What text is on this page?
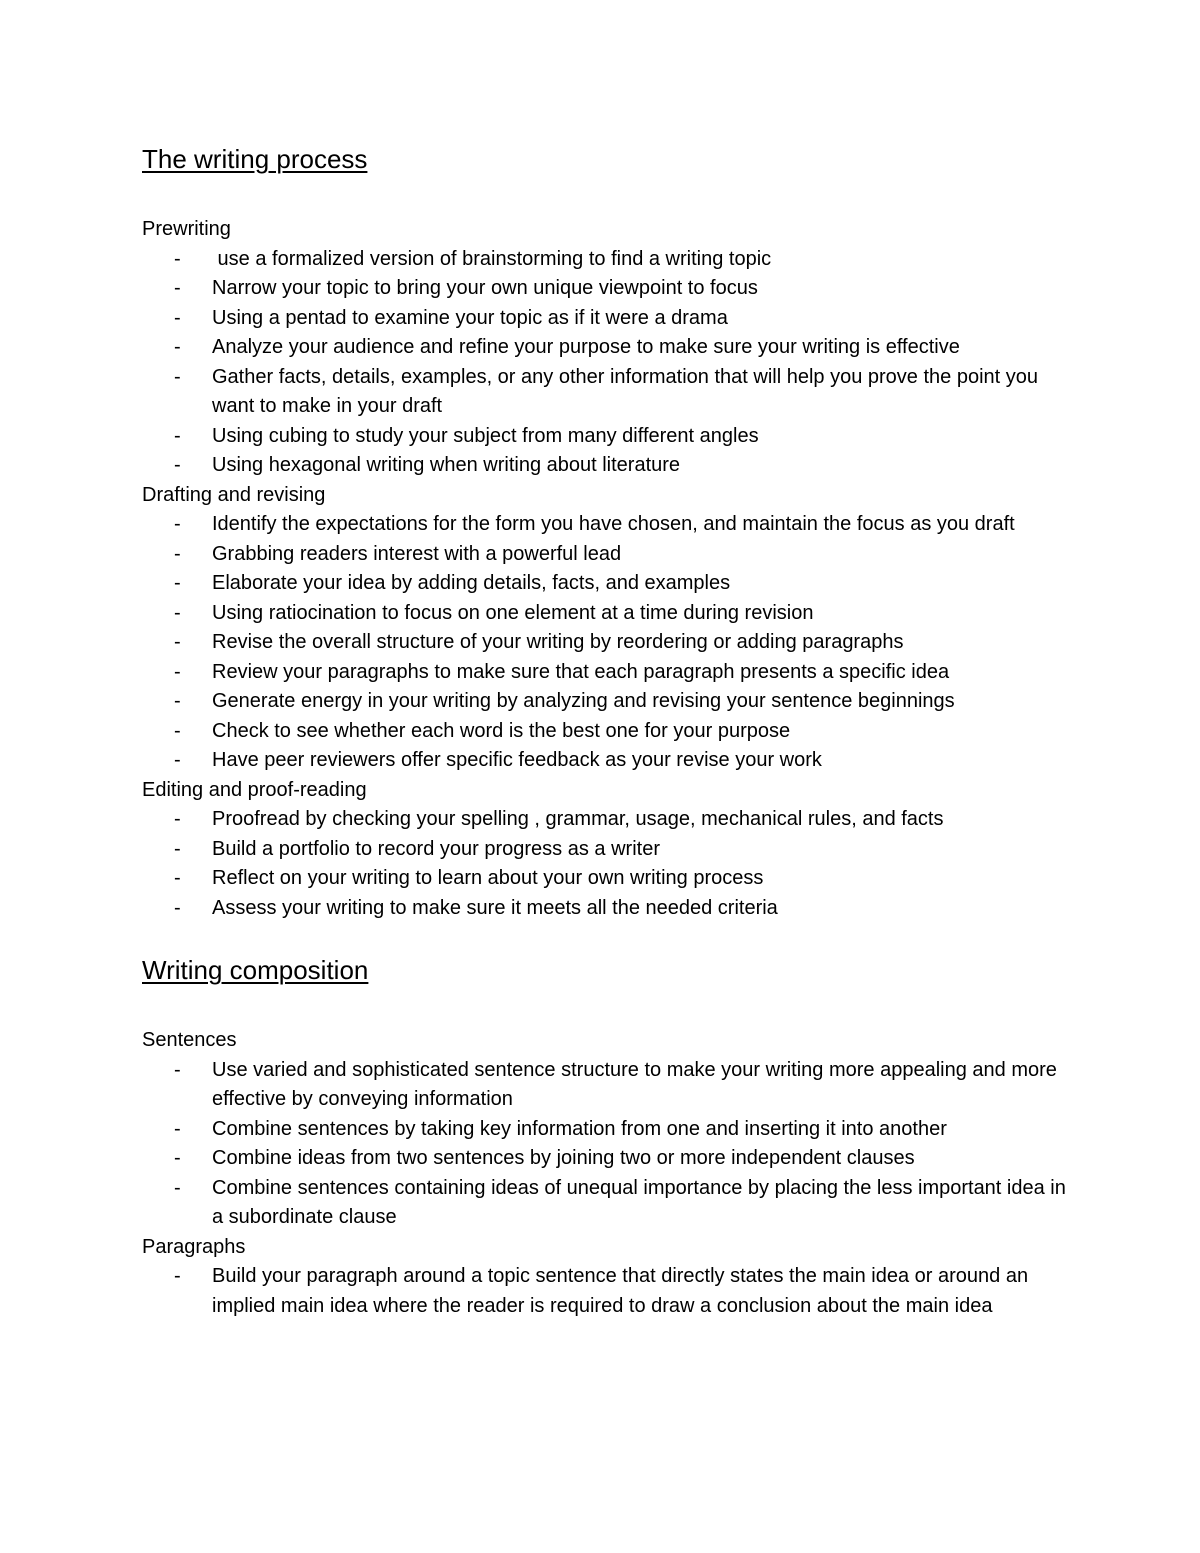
The writing process

Prewriting

- use a formalized version of brainstorming to find a writing topic
- Narrow your topic to bring your own unique viewpoint to focus
- Using a pentad to examine your topic as if it were a drama
- Analyze your audience and refine your purpose to make sure your writing is effective
- Gather facts, details, examples, or any other information that will help you prove the point you want to make in your draft
- Using cubing to study your subject from many different angles
- Using hexagonal writing when writing about literature

Drafting and revising

- Identify the expectations for the form you have chosen, and maintain the focus as you draft
- Grabbing readers interest with a powerful lead
- Elaborate your idea by adding details, facts, and examples
- Using ratiocination to focus on one element at a time during revision
- Revise the overall structure of your writing by reordering or adding paragraphs
- Review your paragraphs to make sure that each paragraph presents a specific idea
- Generate energy in your writing by analyzing and revising your sentence beginnings
- Check to see whether each word is the best one for your purpose
- Have peer reviewers offer specific feedback as your revise your work

Editing and proof-reading

- Proofread by checking your spelling , grammar, usage, mechanical rules, and facts
- Build a portfolio to record your progress as a writer
- Reflect on your writing to learn about your own writing process
- Assess your writing to make sure it meets all the needed criteria
Writing composition

Sentences

- Use varied and sophisticated sentence structure to make your writing more appealing and more effective by conveying information
- Combine sentences by taking key information from one and inserting it into another
- Combine ideas from two sentences by joining two or more independent clauses
- Combine sentences containing ideas of unequal importance by placing the less important idea in a subordinate clause

Paragraphs

- Build your paragraph around a topic sentence that directly states the main idea or around an implied main idea where the reader is required to draw a conclusion about the main idea
